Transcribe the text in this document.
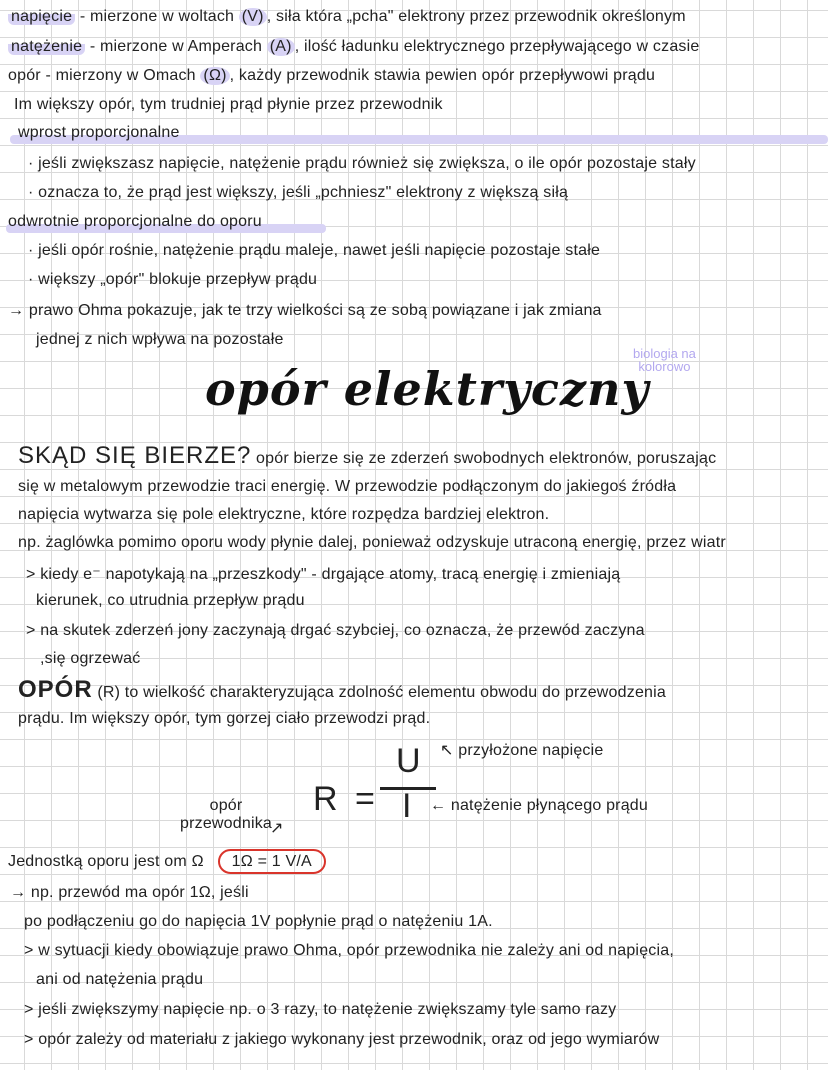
napięcie - mierzone w woltach (V) , siła która „pcha" elektrony przez przewodnik określonym
natężenie - mierzone w Amperach (A) , ilość ładunku elektrycznego przepływającego w czasie
opór - mierzony w Omach (Ω) , każdy przewodnik stawia pewien opór przepływowi prądu
Im większy opór, tym trudniej prąd płynie przez przewodnik
wprost proporcjonalne
· jeśli zwiększasz napięcie, natężenie prądu również się zwiększa, o ile opór pozostaje stały
· oznacza to, że prąd jest większy, jeśli „pchniesz" elektrony z większą siłą
odwrotnie proporcjonalne do oporu
· jeśli opór rośnie, natężenie prądu maleje, nawet jeśli napięcie pozostaje stałe
· większy „opór" blokuje przepływ prądu
→ prawo Ohma pokazuje, jak te trzy wielkości są ze sobą powiązane i jak zmiana
jednej z nich wpływa na pozostałe
biologia na
kolorowo
opór elektryczny
SKĄD SIĘ BIERZE? opór bierze się ze zderzeń swobodnych elektronów, poruszając
się w metalowym przewodzie traci energię. W przewodzie podłączonym do jakiegoś źródła
napięcia wytwarza się pole elektryczne, które rozpędza bardziej elektron.
np. żaglówka pomimo oporu wody płynie dalej, ponieważ odzyskuje utraconą energię, przez wiatr
> kiedy e⁻ napotykają na „przeszkody" - drgające atomy, tracą energię i zmieniają
kierunek, co utrudnia przepływ prądu
> na skutek zderzeń jony zaczynają drgać szybciej, co oznacza, że przewód zaczyna
,się ogrzewać
OPÓR (R) to wielkość charakteryzująca zdolność elementu obwodu do przewodzenia
prądu. Im większy opór, tym gorzej ciało przewodzi prąd.
R =
U
I
↖ przyłożone napięcie
← natężenie płynącego prądu
opór
przewodnika
↗
Jednostką oporu jest om Ω 1Ω = 1 V/A
→ np. przewód ma opór 1Ω, jeśli
po podłączeniu go do napięcia 1V popłynie prąd o natężeniu 1A.
> w sytuacji kiedy obowiązuje prawo Ohma, opór przewodnika nie zależy ani od napięcia,
ani od natężenia prądu
> jeśli zwiększymy napięcie np. o 3 razy, to natężenie zwiększamy tyle samo razy
> opór zależy od materiału z jakiego wykonany jest przewodnik, oraz od jego wymiarów
